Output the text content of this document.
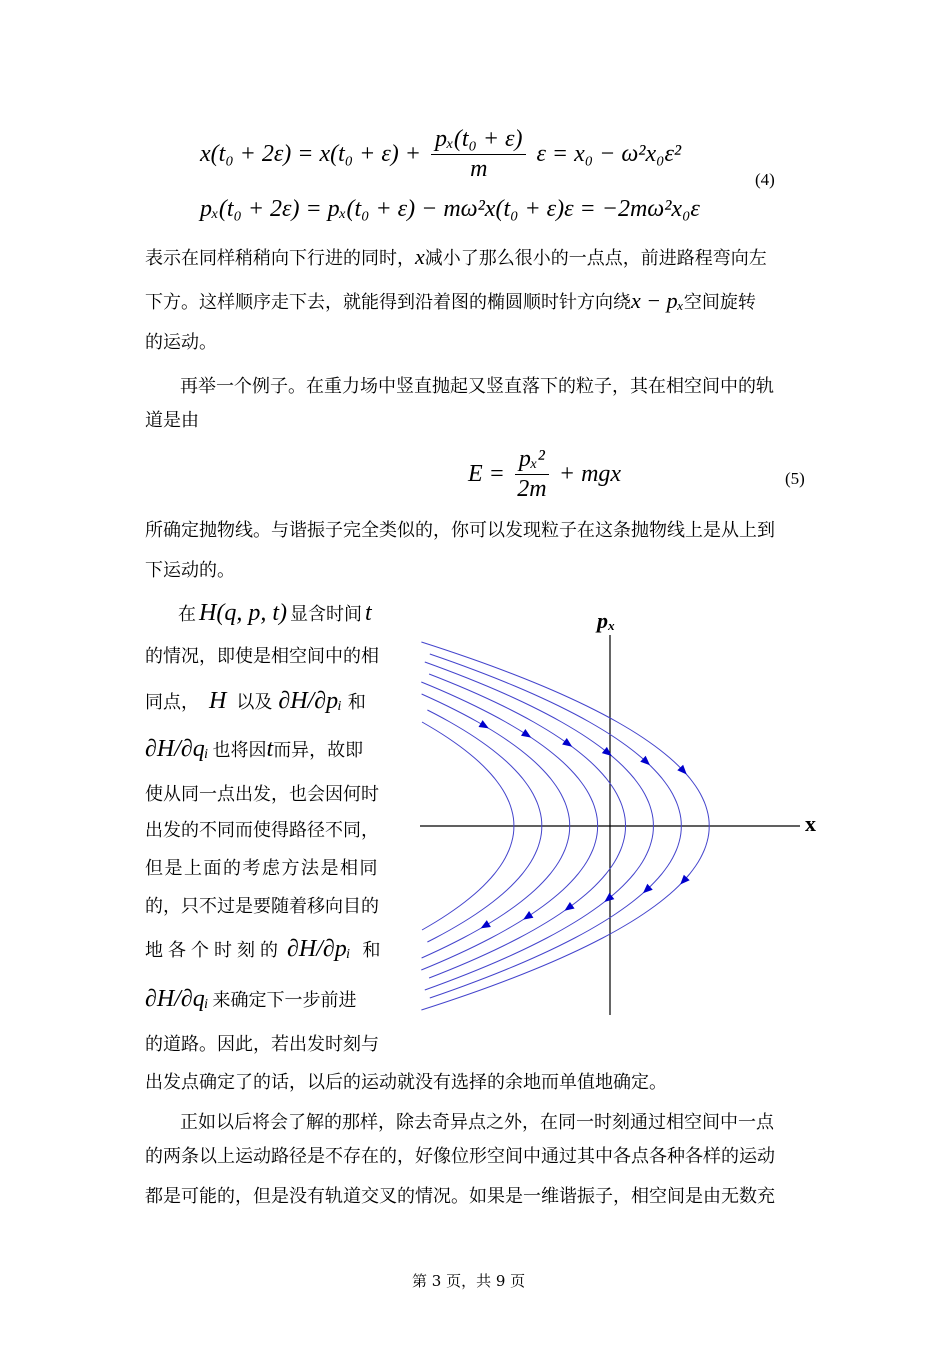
$x(t_0 + 2\varepsilon) = x(t_0 + \varepsilon) + \frac{\text{pₓ(t₀ + ε)}}{m}$ ε = x₀ − ω²x₀ε²
pₓ(t₀ + 2ε) = pₓ(t₀ + ε) − mω²x(t₀ + ε)ε = −2mω²x₀ε
(4)
表示在同样稍稍向下行进的同时，x减小了那么很小的一点点，前进路程弯向左
下方。这样顺序走下去，就能得到沿着图的椭圆顺时针方向绕x − pₓ空间旋转
的运动。
再举一个例子。在重力场中竖直抛起又竖直落下的粒子，其在相空间中的轨
道是由
$E = \frac{\text{pₓ²}}{2m}$ + mgx	(5)
所确定抛物线。与谐振子完全类似的，你可以发现粒子在这条抛物线上是从上到
下运动的。
在 H(q, p, t) 显含时间 t
的情况，即使是相空间中的相
同点， H 以及 ∂H/∂pᵢ 和
∂H/∂qᵢ 也将因t而异，故即
使从同一点出发，也会因何时
出发的不同而使得路径不同，
但是上面的考虑方法是相同
的，只不过是要随着移向目的
地各个时刻的 ∂H/∂pᵢ 和
∂H/∂qᵢ 来确定下一步前进
的道路。因此，若出发时刻与
出发点确定了的话，以后的运动就没有选择的余地而单值地确定。
正如以后将会了解的那样，除去奇异点之外，在同一时刻通过相空间中一点
的两条以上运动路径是不存在的，好像位形空间中通过其中各点各种各样的运动
都是可能的，但是没有轨道交叉的情况。如果是一维谐振子，相空间是由无数充
pₓ
x
第 3 页，共 9 页
